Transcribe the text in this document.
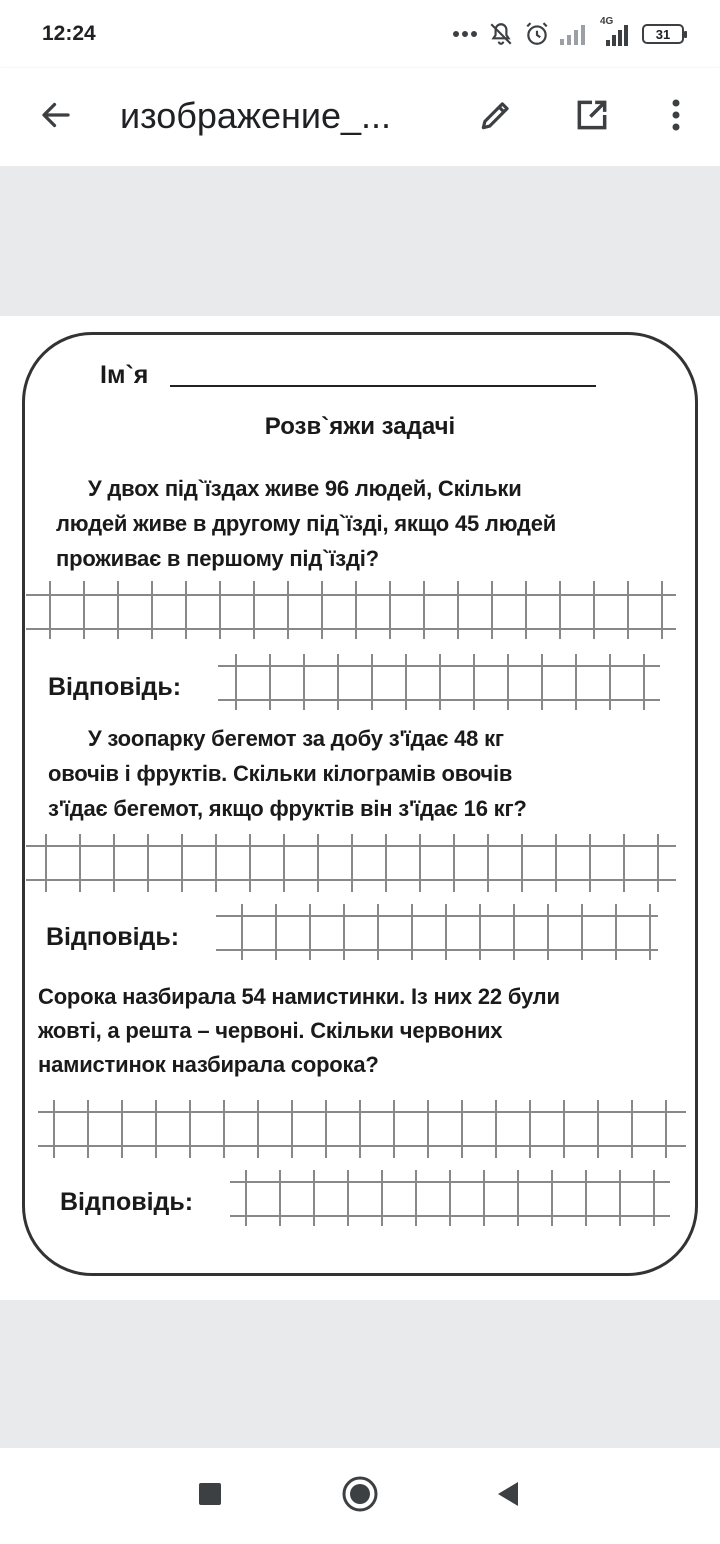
12:24
4G
31
изображение_...
Ім`я
Розв`яжи задачі
У двох під`їздах живе 96 людей, Скільки
людей живе в другому під`їзді, якщо 45 людей
проживає в першому під`їзді?
Відповідь:
У зоопарку бегемот за добу з'їдає 48 кг
овочів і фруктів. Скільки кілограмів овочів
з'їдає бегемот, якщо фруктів він з'їдає 16 кг?
Відповідь:
Сорока назбирала 54 намистинки. Із них 22 були
жовті, а решта – червоні. Скільки червоних
намистинок назбирала сорока?
Відповідь:
